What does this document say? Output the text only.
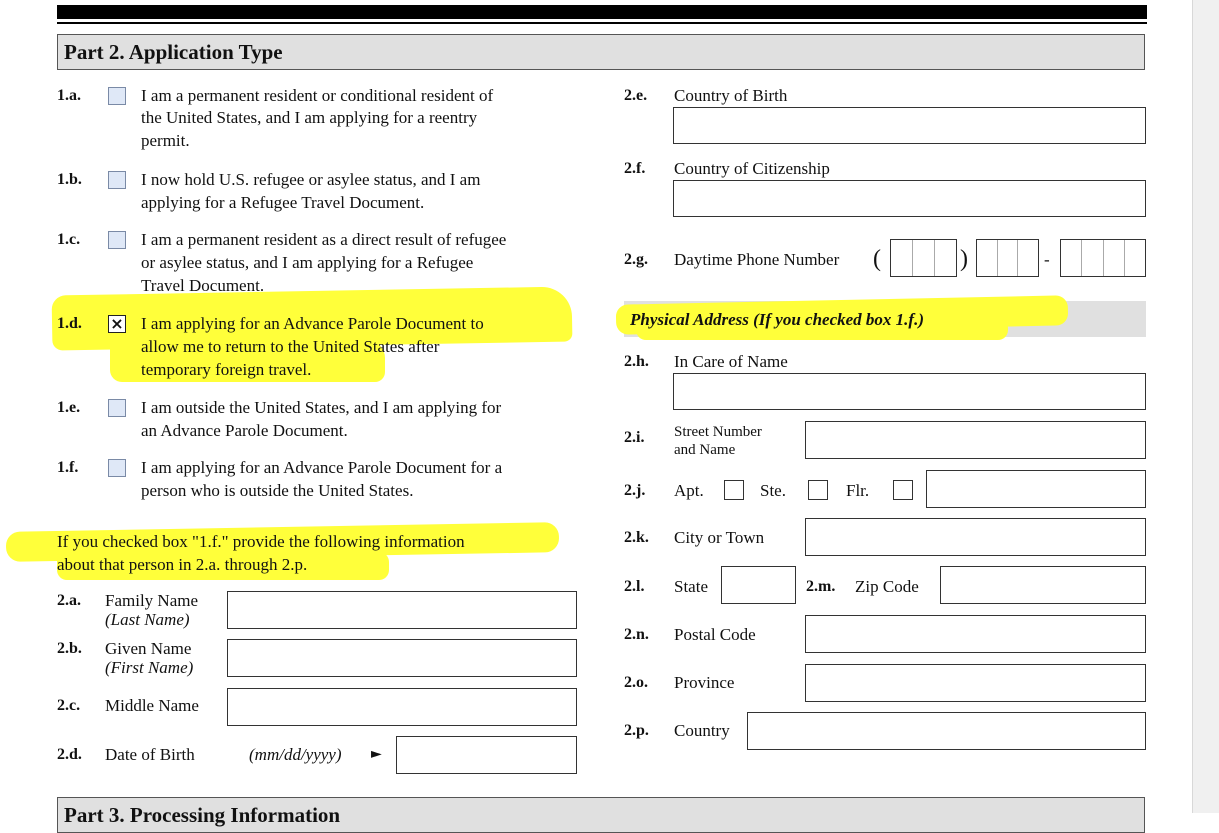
Part 2. Application Type
1.a.	I am a permanent resident or conditional resident of
the United States, and I am applying for a reentry
permit.
1.b.	I now hold U.S. refugee or asylee status, and I am
applying for a Refugee Travel Document.
1.c.	I am a permanent resident as a direct result of refugee
or asylee status, and I am applying for a Refugee
Travel Document.
1.d. × I am applying for an Advance Parole Document to
allow me to return to the United States after
temporary foreign travel.
1.e.	I am outside the United States, and I am applying for
an Advance Parole Document.
1.f.	I am applying for an Advance Parole Document for a
person who is outside the United States.
If you checked box "1.f." provide the following information
about that person in 2.a. through 2.p.
2.a. Family Name
(Last Name)
2.b. Given Name
(First Name)
2.c. Middle Name
2.d. Date of Birth	(mm/dd/yyyy) ►
2.e. Country of Birth
2.f. Country of Citizenship
2.g. Daytime Phone Number (	)	-
Physical Address (If you checked box 1.f.)
2.h. In Care of Name
2.i. Street Number
and Name
2.j. Apt.	Ste.	Flr.
2.k. City or Town
2.l. State	2.m. Zip Code
2.n. Postal Code
2.o. Province
2.p. Country
Part 3. Processing Information
